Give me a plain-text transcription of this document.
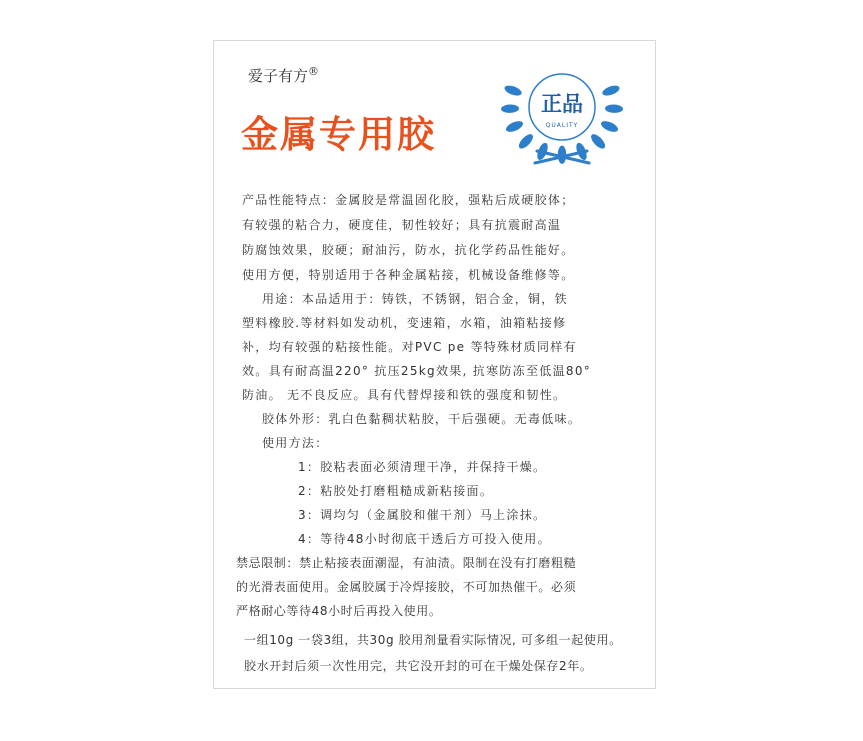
爱子有方®
金属专用胶
正品
QUALITY
产品性能特点：金属胶是常温固化胶，强粘后成硬胶体；
有较强的粘合力，硬度佳，韧性较好；具有抗震耐高温
防腐蚀效果，胶硬；耐油污，防水，抗化学药品性能好。
使用方便，特别适用于各种金属粘接，机械设备维修等。
用途：本品适用于：铸铁，不锈钢，铝合金，铜，铁
塑料橡胶.等材料如发动机，变速箱，水箱，油箱粘接修
补，均有较强的粘接性能。对PVC pe 等特殊材质同样有
效。具有耐高温220° 抗压25kg效果, 抗寒防冻至低温80°
防油。 无不良反应。具有代替焊接和铁的强度和韧性。
胶体外形：乳白色黏稠状粘胶，干后强硬。无毒低味。
使用方法：
1：胶粘表面必须清理干净，并保持干燥。
2：粘胶处打磨粗糙成新粘接面。
3：调均匀（金属胶和催干剂）马上涂抹。
4：等待48小时彻底干透后方可投入使用。
禁忌限制：禁止粘接表面潮湿，有油渍。限制在没有打磨粗糙
的光滑表面使用。金属胶属于冷焊接胶，不可加热催干。必须
严格耐心等待48小时后再投入使用。
一组10g 一袋3组，共30g 胶用剂量看实际情况, 可多组一起使用。
胶水开封后须一次性用完，共它没开封的可在干燥处保存2年。
